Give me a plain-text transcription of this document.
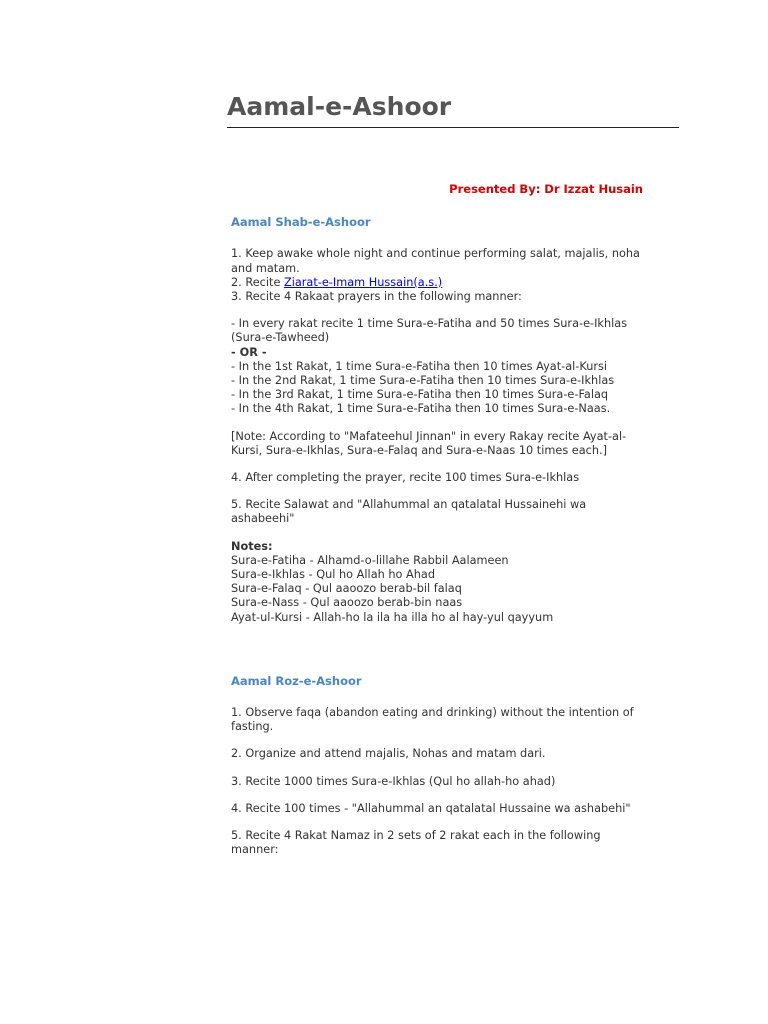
Aamal-e-Ashoor
Presented By: Dr Izzat Husain
Aamal Shab-e-Ashoor
1. Keep awake whole night and continue performing salat, majalis, noha and matam.
2. Recite Ziarat-e-Imam Hussain(a.s.)
3. Recite 4 Rakaat prayers in the following manner:
- In every rakat recite 1 time Sura-e-Fatiha and 50 times Sura-e-Ikhlas (Sura-e-Tawheed)
- OR -
- In the 1st Rakat, 1 time Sura-e-Fatiha then 10 times Ayat-al-Kursi
- In the 2nd Rakat, 1 time Sura-e-Fatiha then 10 times Sura-e-Ikhlas
- In the 3rd Rakat, 1 time Sura-e-Fatiha then 10 times Sura-e-Falaq
- In the 4th Rakat, 1 time Sura-e-Fatiha then 10 times Sura-e-Naas.
[Note: According to "Mafateehul Jinnan" in every Rakay recite Ayat-al-Kursi, Sura-e-Ikhlas, Sura-e-Falaq and Sura-e-Naas 10 times each.]
4. After completing the prayer, recite 100 times Sura-e-Ikhlas
5. Recite Salawat and "Allahummal an qatalatal Hussainehi wa ashabeehi"
Notes:
Sura-e-Fatiha - Alhamd-o-lillahe Rabbil Aalameen
Sura-e-Ikhlas - Qul ho Allah ho Ahad
Sura-e-Falaq - Qul aaoozo berab-bil falaq
Sura-e-Nass - Qul aaoozo berab-bin naas
Ayat-ul-Kursi - Allah-ho la ila ha illa ho al hay-yul qayyum
Aamal Roz-e-Ashoor
1. Observe faqa (abandon eating and drinking) without the intention of fasting.
2. Organize and attend majalis, Nohas and matam dari.
3. Recite 1000 times Sura-e-Ikhlas (Qul ho allah-ho ahad)
4. Recite 100 times - "Allahummal an qatalatal Hussaine wa ashabehi"
5. Recite 4 Rakat Namaz in 2 sets of 2 rakat each in the following manner:
